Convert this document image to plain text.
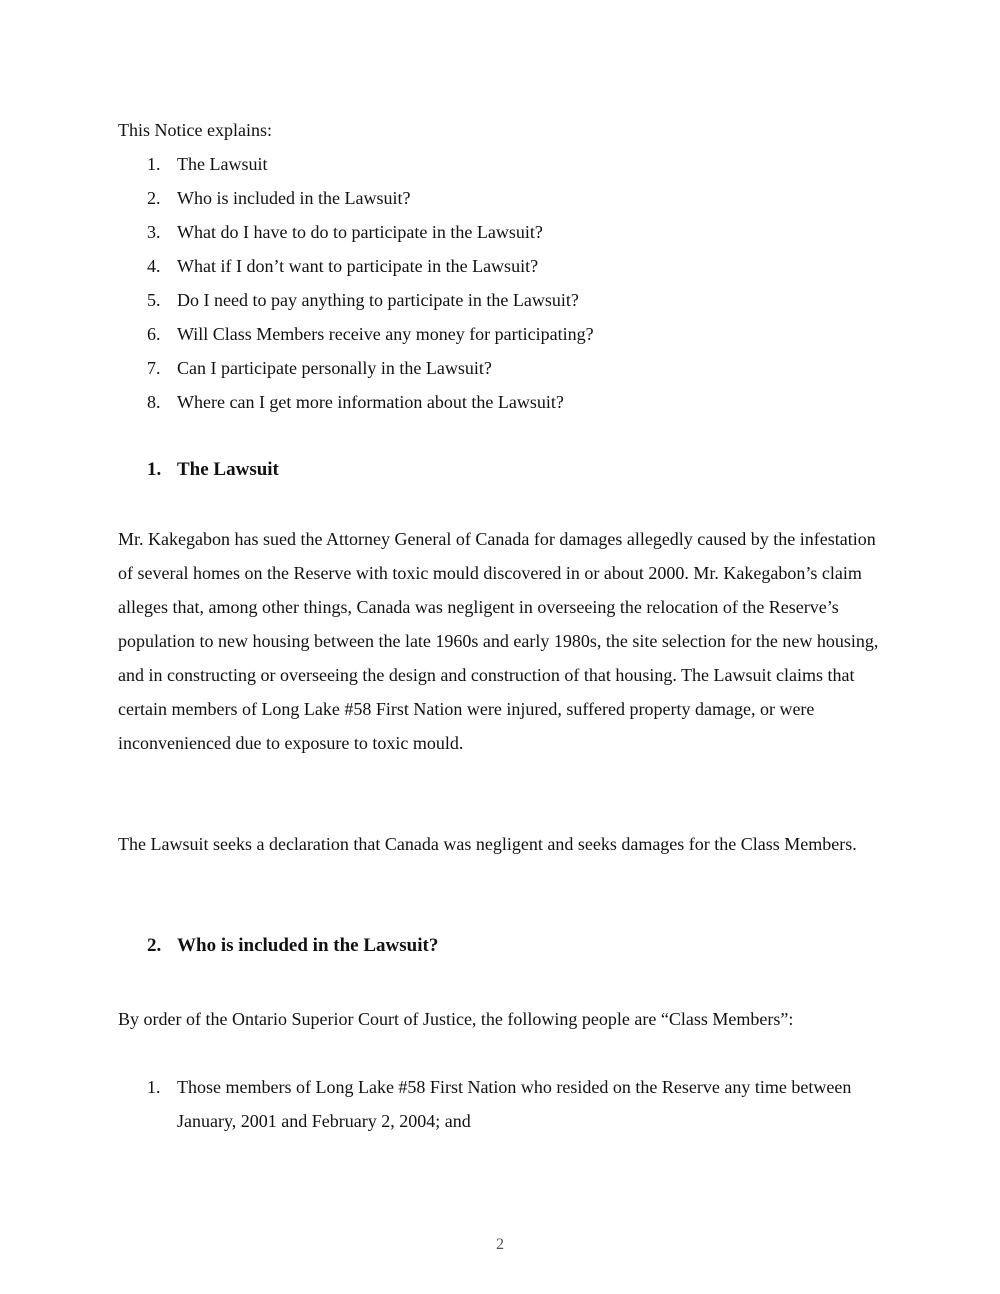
This Notice explains:
1. The Lawsuit
2. Who is included in the Lawsuit?
3. What do I have to do to participate in the Lawsuit?
4. What if I don’t want to participate in the Lawsuit?
5. Do I need to pay anything to participate in the Lawsuit?
6. Will Class Members receive any money for participating?
7. Can I participate personally in the Lawsuit?
8. Where can I get more information about the Lawsuit?
1. The Lawsuit
Mr. Kakegabon has sued the Attorney General of Canada for damages allegedly caused by the infestation of several homes on the Reserve with toxic mould discovered in or about 2000. Mr. Kakegabon’s claim alleges that, among other things, Canada was negligent in overseeing the relocation of the Reserve’s population to new housing between the late 1960s and early 1980s, the site selection for the new housing, and in constructing or overseeing the design and construction of that housing. The Lawsuit claims that certain members of Long Lake #58 First Nation were injured, suffered property damage, or were inconvenienced due to exposure to toxic mould.
The Lawsuit seeks a declaration that Canada was negligent and seeks damages for the Class Members.
2. Who is included in the Lawsuit?
By order of the Ontario Superior Court of Justice, the following people are “Class Members”:
1. Those members of Long Lake #58 First Nation who resided on the Reserve any time between January, 2001 and February 2, 2004; and
2
